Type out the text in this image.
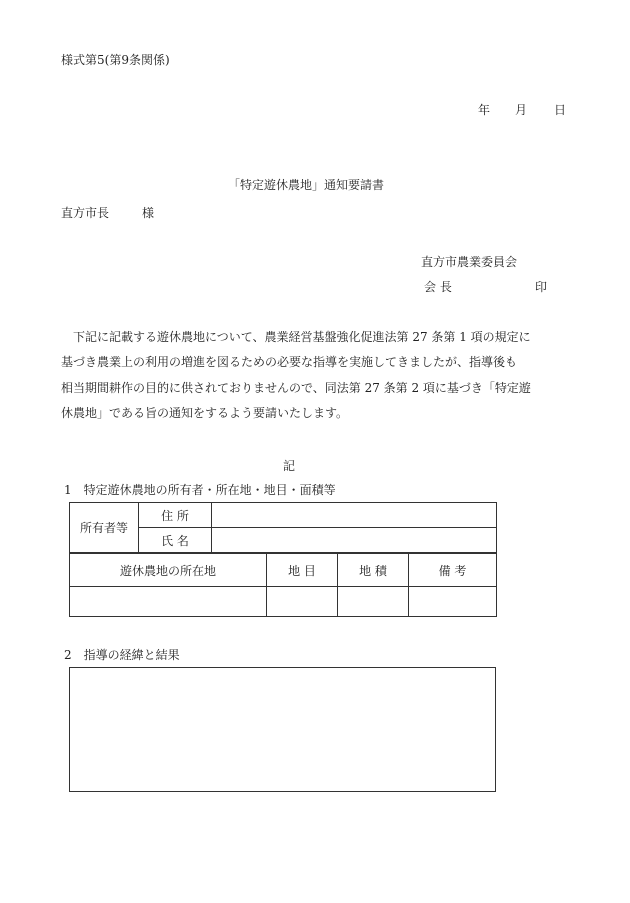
様式第5(第9条関係)
年 月 日
「特定遊休農地」通知要請書
直方市長	様
直方市農業委員会
会 長	印
下記に記載する遊休農地について、農業経営基盤強化促進法第 27 条第 1 項の規定に
基づき農業上の利用の増進を図るための必要な指導を実施してきましたが、指導後も
相当期間耕作の目的に供されておりませんので、同法第 27 条第 2 項に基づき「特定遊
休農地」である旨の通知をするよう要請いたします。
記
1　特定遊休農地の所有者・所在地・地目・面積等
所有者等	住 所	
	氏 名	
遊休農地の所在地	地 目	地 積	備 考

2　指導の経緯と結果
